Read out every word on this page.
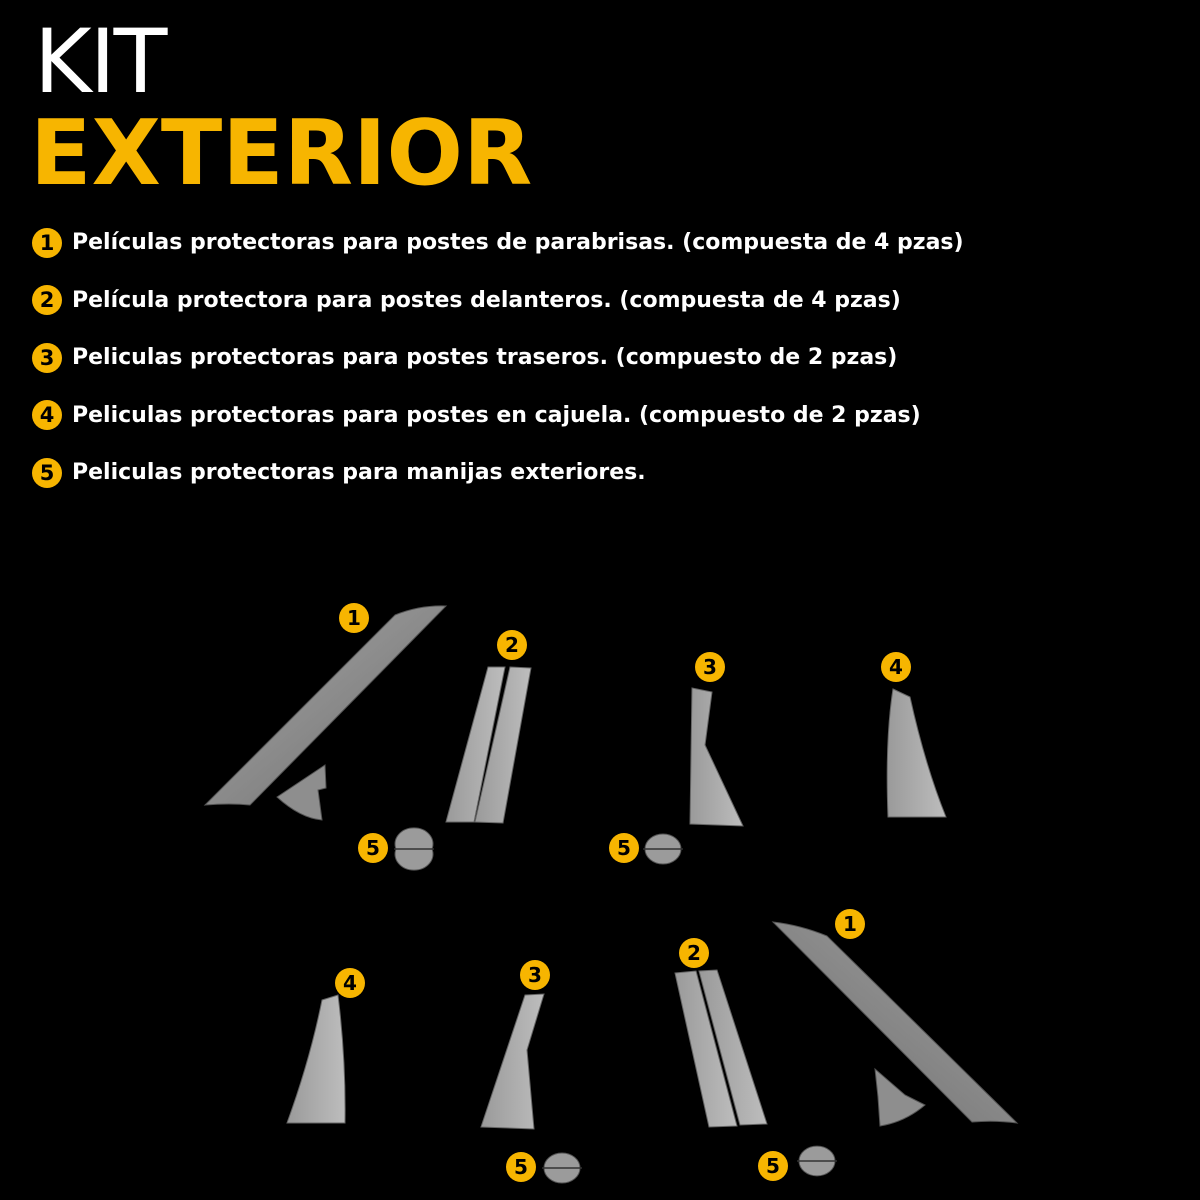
KIT
EXTERIOR
1 Películas protectoras para postes de parabrisas. (compuesta de 4 pzas)
2 Película protectora para postes delanteros. (compuesta de 4 pzas)
3 Peliculas protectoras para postes traseros. (compuesto de 2 pzas)
4 Peliculas protectoras para postes en cajuela. (compuesto de 2 pzas)
5 Peliculas protectoras para manijas exteriores.
1
2
3	4
5	5
1
2
3
4
5	5
